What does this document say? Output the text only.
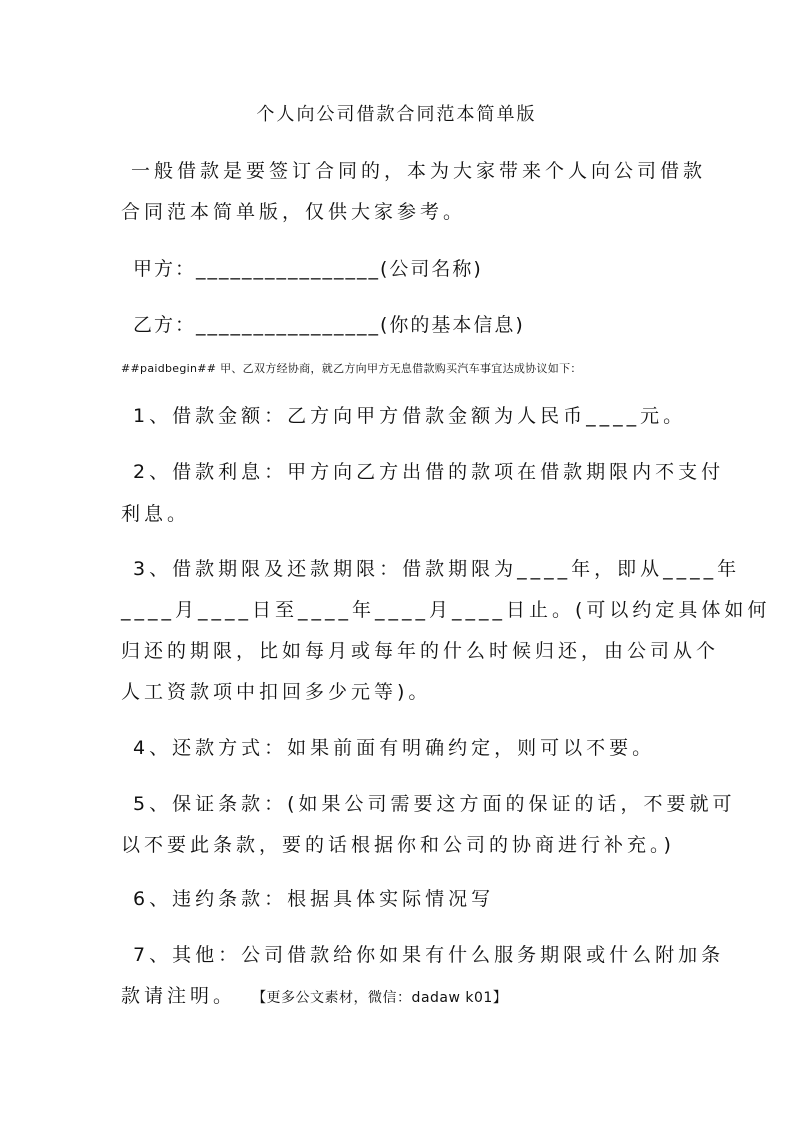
个人向公司借款合同范本简单版
一般借款是要签订合同的，本为大家带来个人向公司借款
合同范本简单版，仅供大家参考。
甲方：________________(公司名称)
乙方：________________(你的基本信息)
##paidbegin## 甲、乙双方经协商，就乙方向甲方无息借款购买汽车事宜达成协议如下：
1、借款金额：乙方向甲方借款金额为人民币____元。
2、借款利息：甲方向乙方出借的款项在借款期限内不支付
利息。
3、借款期限及还款期限：借款期限为____年，即从____年
____月____日至____年____月____日止。(可以约定具体如何
归还的期限，比如每月或每年的什么时候归还，由公司从个
人工资款项中扣回多少元等)。
4、还款方式：如果前面有明确约定，则可以不要。
5、保证条款：(如果公司需要这方面的保证的话，不要就可
以不要此条款，要的话根据你和公司的协商进行补充。)
6、违约条款：根据具体实际情况写
7、其他：公司借款给你如果有什么服务期限或什么附加条
款请注明。 【更多公文素材，微信：dadaw k01】
